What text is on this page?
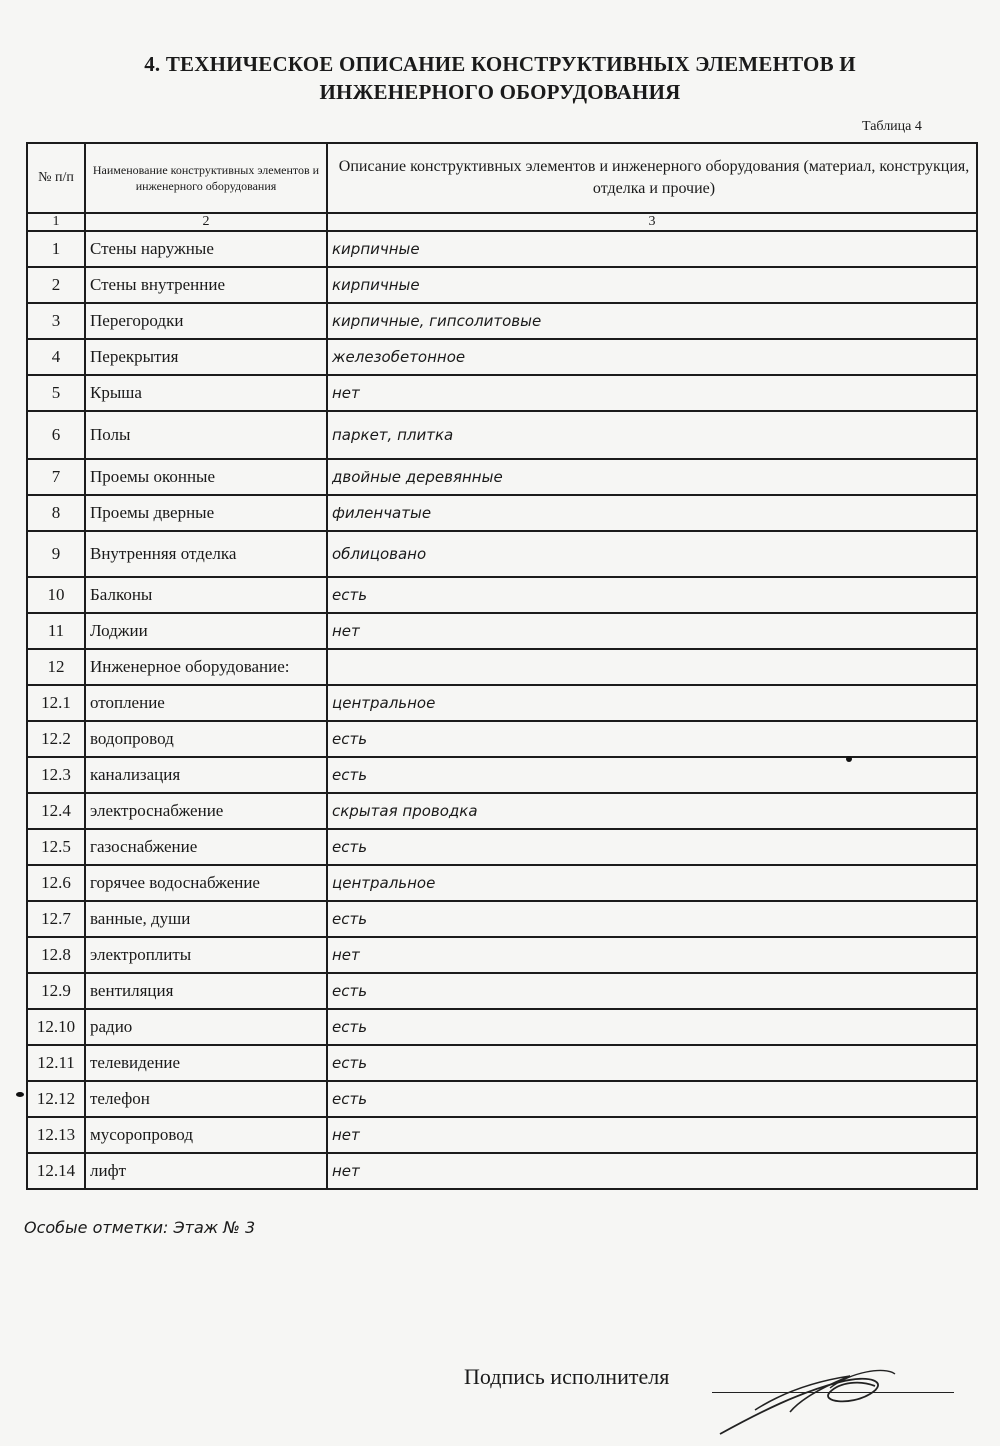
4. ТЕХНИЧЕСКОЕ ОПИСАНИЕ КОНСТРУКТИВНЫХ ЭЛЕМЕНТОВ И
ИНЖЕНЕРНОГО ОБОРУДОВАНИЯ
Таблица 4
№ п/п	Наименование конструктивных элементов и инженерного оборудования	Описание конструктивных элементов и инженерного оборудования (материал, конструкция, отделка и прочие)
1	2	3
1	Стены наружные	кирпичные
2	Стены внутренние	кирпичные
3	Перегородки	кирпичные, гипсолитовые
4	Перекрытия	железобетонное
5	Крыша	нет
6	Полы	паркет, плитка
7	Проемы оконные	двойные деревянные
8	Проемы дверные	филенчатые
9	Внутренняя отделка	облицовано
10	Балконы	есть
11	Лоджии	нет
12	Инженерное оборудование:	
12.1	отопление	центральное
12.2	водопровод	есть
12.3	канализация	есть
12.4	электроснабжение	скрытая проводка
12.5	газоснабжение	есть
12.6	горячее водоснабжение	центральное
12.7	ванные, души	есть
12.8	электроплиты	нет
12.9	вентиляция	есть
12.10	радио	есть
12.11	телевидение	есть
12.12	телефон	есть
12.13	мусоропровод	нет
12.14	лифт	нет
Особые отметки: Этаж № 3
Подпись исполнителя
